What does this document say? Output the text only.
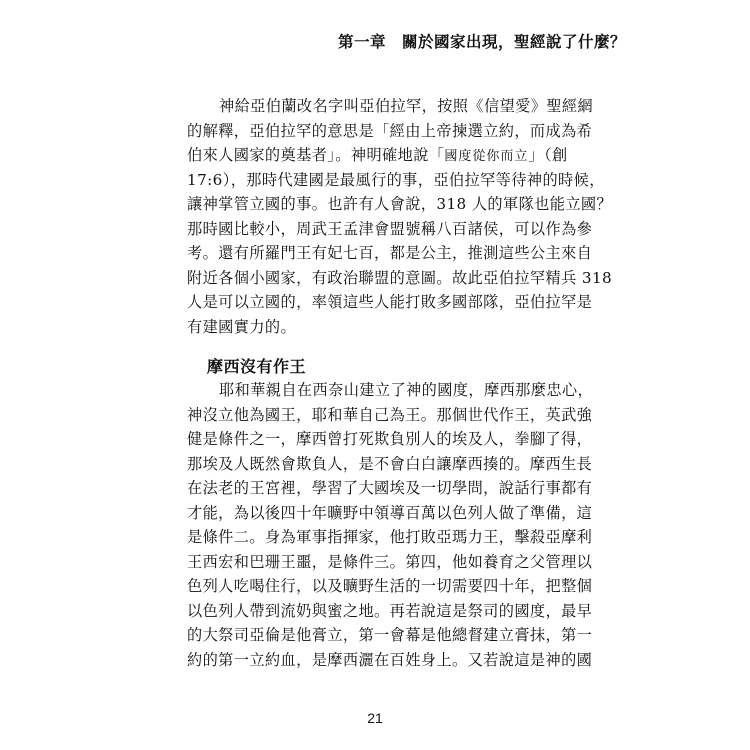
第一章　關於國家出現，聖經說了什麼？
神給亞伯蘭改名字叫亞伯拉罕，按照《信望愛》聖經網
的解釋，亞伯拉罕的意思是「經由上帝揀選立約，而成為希
伯來人國家的奠基者」。神明確地說「國度從你而立」（創
17:6），那時代建國是最風行的事，亞伯拉罕等待神的時候，
讓神掌管立國的事。也許有人會說，318 人的軍隊也能立國？
那時國比較小，周武王孟津會盟號稱八百諸侯，可以作為參
考。還有所羅門王有妃七百，都是公主，推測這些公主來自
附近各個小國家，有政治聯盟的意圖。故此亞伯拉罕精兵 318
人是可以立國的，率領這些人能打敗多國部隊，亞伯拉罕是
有建國實力的。
摩西沒有作王
耶和華親自在西奈山建立了神的國度，摩西那麼忠心，
神沒立他為國王，耶和華自己為王。那個世代作王，英武強
健是條件之一，摩西曾打死欺負別人的埃及人，拳腳了得，
那埃及人既然會欺負人，是不會白白讓摩西揍的。摩西生長
在法老的王宮裡，學習了大國埃及一切學問，說話行事都有
才能，為以後四十年曠野中領導百萬以色列人做了準備，這
是條件二。身為軍事指揮家，他打敗亞瑪力王，擊殺亞摩利
王西宏和巴珊王噩，是條件三。第四，他如養育之父管理以
色列人吃喝住行，以及曠野生活的一切需要四十年，把整個
以色列人帶到流奶與蜜之地。再若說這是祭司的國度，最早
的大祭司亞倫是他膏立，第一會幕是他總督建立膏抹，第一
約的第一立約血，是摩西灑在百姓身上。又若說這是神的國
21
